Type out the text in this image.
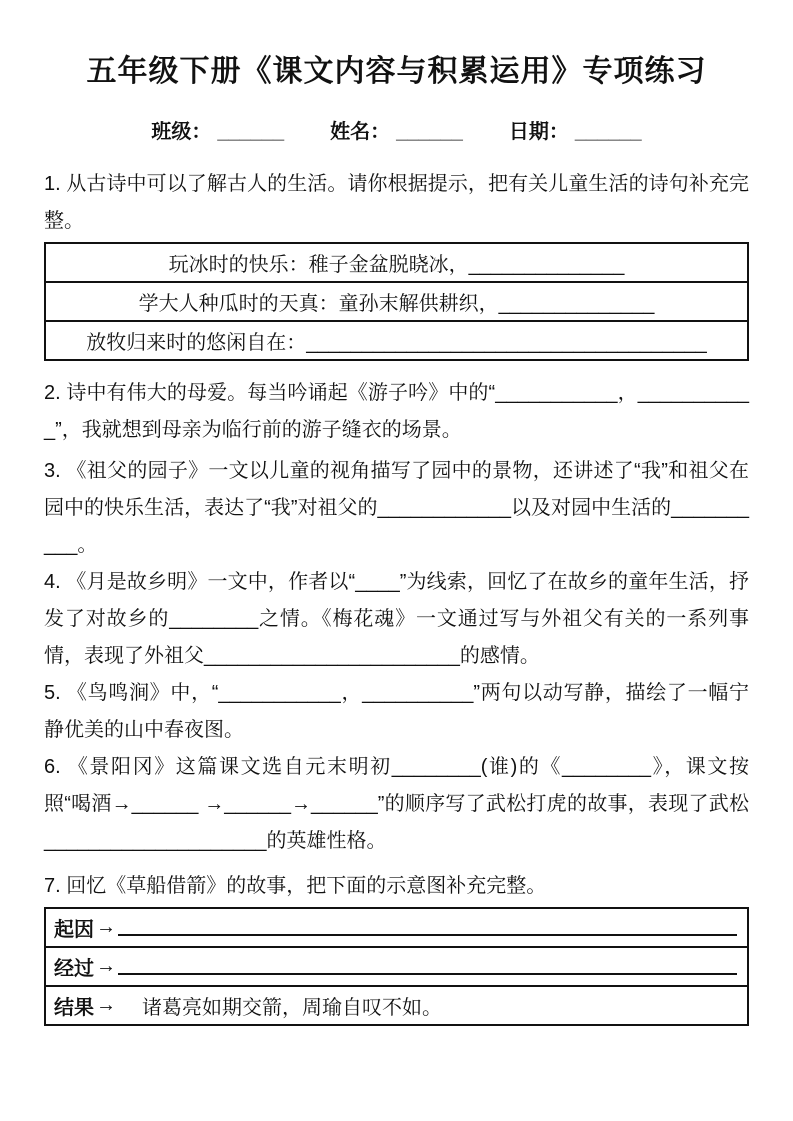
五年级下册《课文内容与积累运用》专项练习
班级： ______ 姓名： ______ 日期： ______

1. 从古诗中可以了解古人的生活。请你根据提示，把有关儿童生活的诗句补充完整。

玩冰时的快乐：稚子金盆脱晓冰，______________
学大人种瓜时的天真：童孙末解供耕织，______________
放牧归来时的悠闲自在：____________________________________

2. 诗中有伟大的母爱。每当吟诵起《游子吟》中的“___________，___________”，我就想到母亲为临行前的游子缝衣的场景。

3. 《祖父的园子》一文以儿童的视角描写了园中的景物，还讲述了“我”和祖父在园中的快乐生活，表达了“我”对祖父的____________以及对园中生活的__________。

4. 《月是故乡明》一文中，作者以“____”为线索，回忆了在故乡的童年生活，抒发了对故乡的________之情。《梅花魂》一文通过写与外祖父有关的一系列事情，表现了外祖父_______________________的感情。

5. 《鸟鸣涧》中，“___________，__________”两句以动写静，描绘了一幅宁静优美的山中春夜图。

6. 《景阳冈》这篇课文选自元末明初________(谁)的《________》，课文按照“喝酒→______ →______→______”的顺序写了武松打虎的故事，表现了武松____________________的英雄性格。

7. 回忆《草船借箭》的故事，把下面的示意图补充完整。

起因 →

经过 →

结果 → 诸葛亮如期交箭，周瑜自叹不如。
